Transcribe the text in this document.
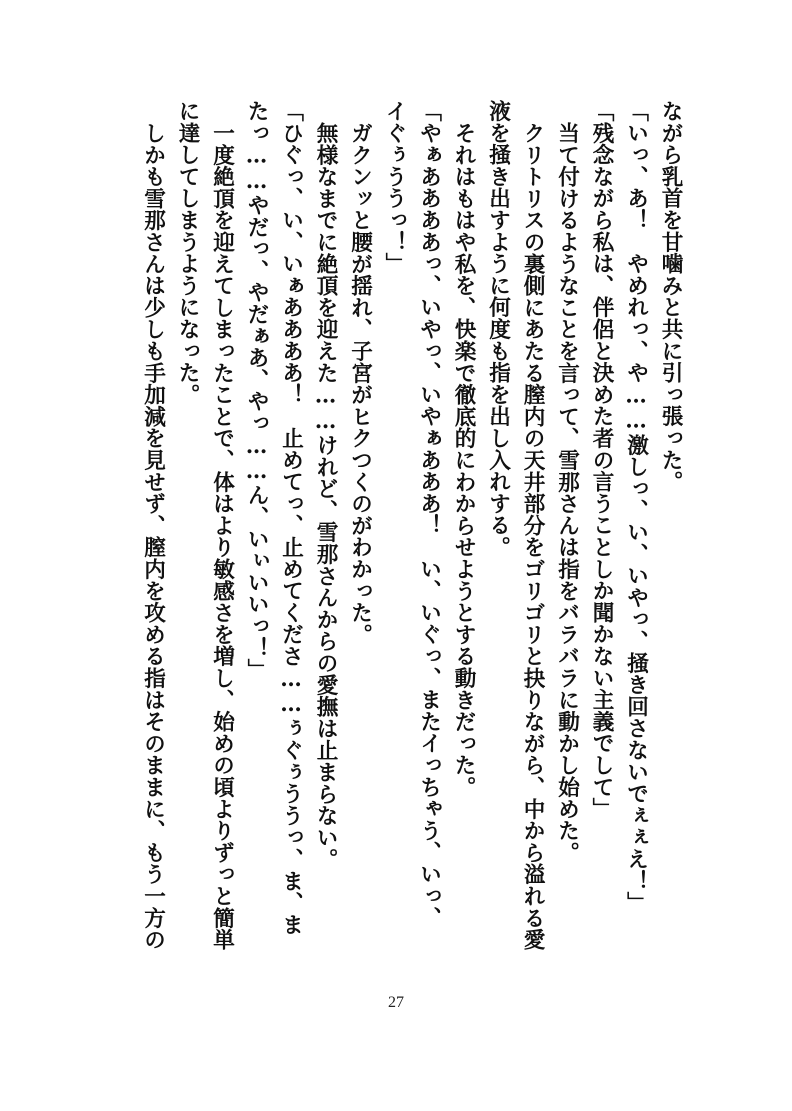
ながら乳首を甘噛みと共に引っ張った。

「いっ、あ！　やめれっ、や……激しっ、い、いやっ、掻き回さないでぇぇえ！」

「残念ながら私は、伴侶と決めた者の言うことしか聞かない主義でして」

当て付けるようなことを言って、雪那さんは指をバラバラに動かし始めた。

クリトリスの裏側にあたる膣内の天井部分をゴリゴリと抉りながら、中から溢れる愛

液を掻き出すように何度も指を出し入れする。

それはもはや私を、快楽で徹底的にわからせようとする動きだった。

「やぁああああっ、いやっ、いやぁあああ！　い、いぐっ、またイっちゃう、いっ、

イぐぅううっ！」

ガクンッと腰が揺れ、子宮がヒクつくのがわかった。

無様なまでに絶頂を迎えた……けれど、雪那さんからの愛撫は止まらない。

「ひぐっ、い、いぁああああ！　止めてっ、止めてくださ……ぅぐぅううっ、ま、ま

たっ……やだっ、やだぁあ、やっ……ん、いぃいいっ！」

一度絶頂を迎えてしまったことで、体はより敏感さを増し、始めの頃よりずっと簡単

に達してしまうようになった。

しかも雪那さんは少しも手加減を見せず、膣内を攻める指はそのままに、もう一方の

27
